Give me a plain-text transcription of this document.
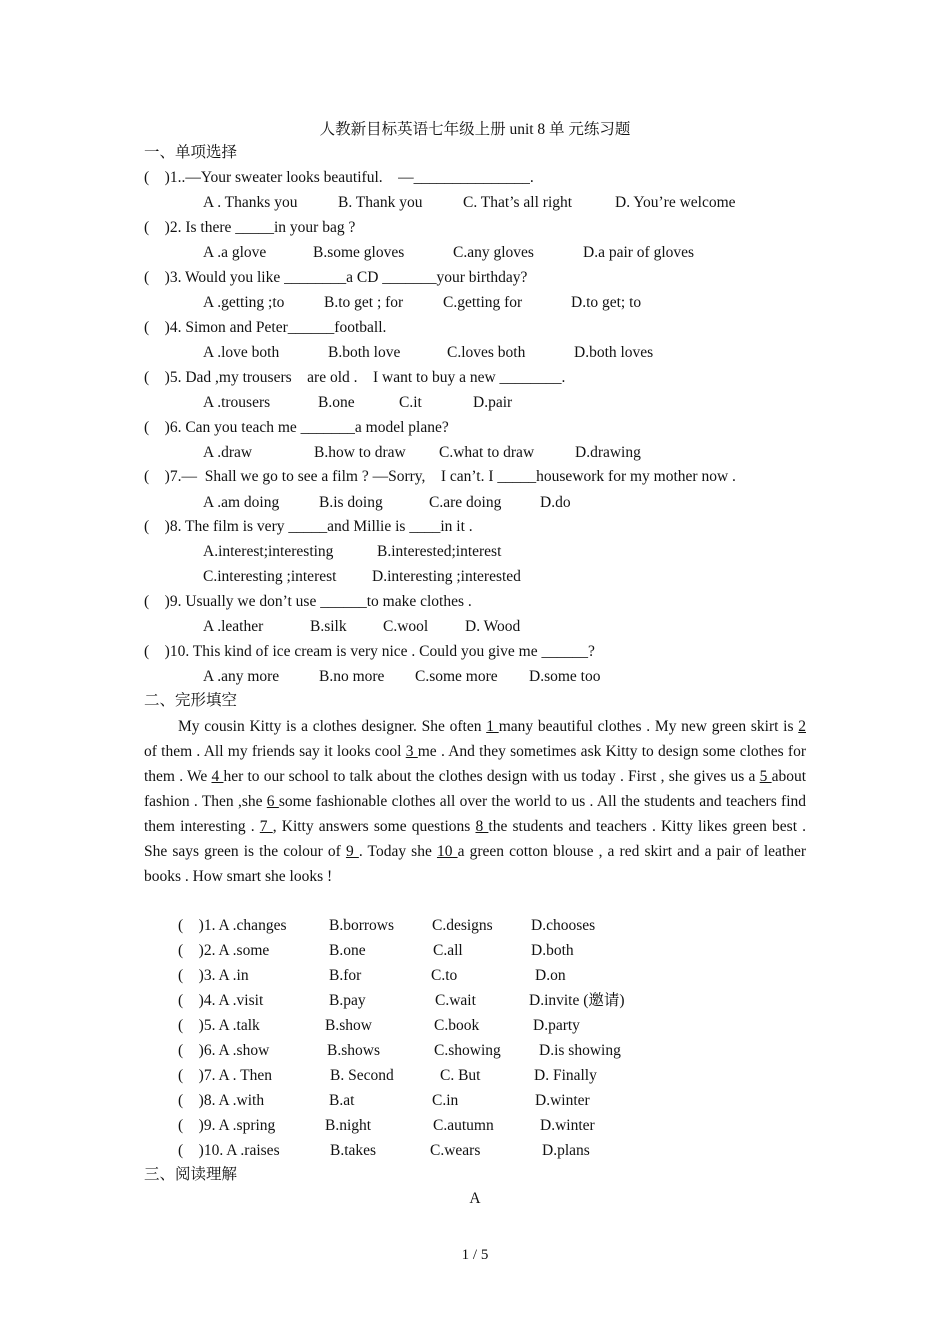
人教新目标英语七年级上册 unit 8 单 元练习题
一、单项选择
(    )1..—Your sweater looks beautiful.    —_______________.
A . Thanks you	B. Thank you	C. That’s all right	D. You’re welcome
(    )2. Is there _____in your bag ?
A .a glove	B.some gloves	C.any gloves	D.a pair of gloves
(    )3. Would you like ________a CD _______your birthday?
A .getting ;to	B.to get ; for	C.getting for	D.to get; to
(    )4. Simon and Peter______football.
A .love both	B.both love	C.loves both	D.both loves
(    )5. Dad ,my trousers    are old .    I want to buy a new ________.
A .trousers	B.one	C.it	D.pair
(    )6. Can you teach me _______a model plane?
A .draw	B.how to draw C.what to draw	D.drawing
(    )7.—  Shall we go to see a film ? —Sorry,    I can’t. I _____housework for my mother now .
A .am doing	B.is doing	C.are doing D.do
(    )8. The film is very _____and Millie is ____in it .
A.interest;interesting	B.interested;interest
C.interesting ;interest D.interesting ;interested
(    )9. Usually we don’t use ______to make clothes .
A .leather	B.silk C.wool D. Wood
(    )10. This kind of ice cream is very nice . Could you give me ______?
A .any more	B.no more C.some more D.some too
二、完形填空

My cousin Kitty is a clothes designer. She often 1 many beautiful clothes . My new green skirt is 2 of them . All my friends say it looks cool 3 me . And they sometimes ask Kitty to design some clothes for them . We 4 her to our school to talk about the clothes design with us today . First , she gives us a 5 about fashion . Then ,she 6 some fashionable clothes all over the world to us . All the students and teachers find them interesting . 7 , Kitty answers some questions 8 the students and teachers . Kitty likes green best . She says green is the colour of 9 . Today she 10 a green cotton blouse , a red skirt and a pair of leather books . How smart she looks !

(    )1. A .changes	B.borrows C.designs D.chooses
(    )2. A .some	B.one	C.all	D.both
(    )3. A .in	B.for	C.to	D.on
(    )4. A .visit	B.pay	C.wait	D.invite (邀请)
(    )5. A .talk	B.show	C.book	D.party
(    )6. A .show	B.shows	C.showing D.is showing
(    )7. A . Then	B. Second	C. But	D. Finally
(    )8. A .with	B.at	C.in	D.winter
(    )9. A .spring	B.night	C.autumn	D.winter
(    )10. A .raises	B.takes	C.wears	D.plans
三、阅读理解
A
1 / 5
